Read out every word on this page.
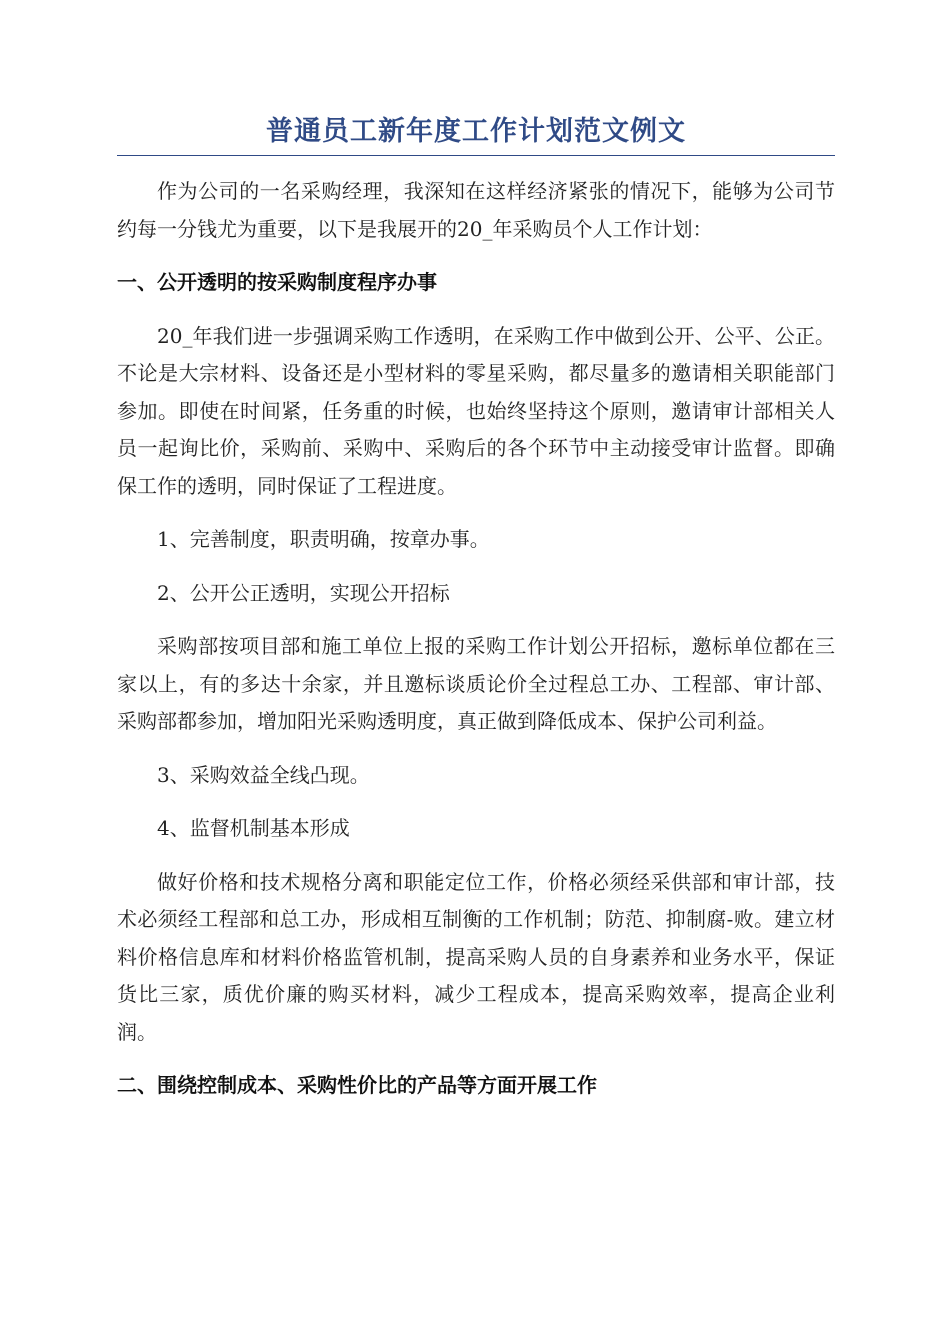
普通员工新年度工作计划范文例文

作为公司的一名采购经理，我深知在这样经济紧张的情况下，能够为公司节约每一分钱尤为重要，以下是我展开的20_年采购员个人工作计划：

一、公开透明的按采购制度程序办事

20_年我们进一步强调采购工作透明，在采购工作中做到公开、公平、公正。不论是大宗材料、设备还是小型材料的零星采购，都尽量多的邀请相关职能部门参加。即使在时间紧，任务重的时候，也始终坚持这个原则，邀请审计部相关人员一起询比价，采购前、采购中、采购后的各个环节中主动接受审计监督。即确保工作的透明，同时保证了工程进度。

1、完善制度，职责明确，按章办事。

2、公开公正透明，实现公开招标

采购部按项目部和施工单位上报的采购工作计划公开招标，邀标单位都在三家以上，有的多达十余家，并且邀标谈质论价全过程总工办、工程部、审计部、采购部都参加，增加阳光采购透明度，真正做到降低成本、保护公司利益。

3、采购效益全线凸现。

4、监督机制基本形成

做好价格和技术规格分离和职能定位工作，价格必须经采供部和审计部，技术必须经工程部和总工办，形成相互制衡的工作机制；防范、抑制腐-败。建立材料价格信息库和材料价格监管机制，提高采购人员的自身素养和业务水平，保证货比三家，质优价廉的购买材料，减少工程成本，提高采购效率，提高企业利润。

二、围绕控制成本、采购性价比的产品等方面开展工作
